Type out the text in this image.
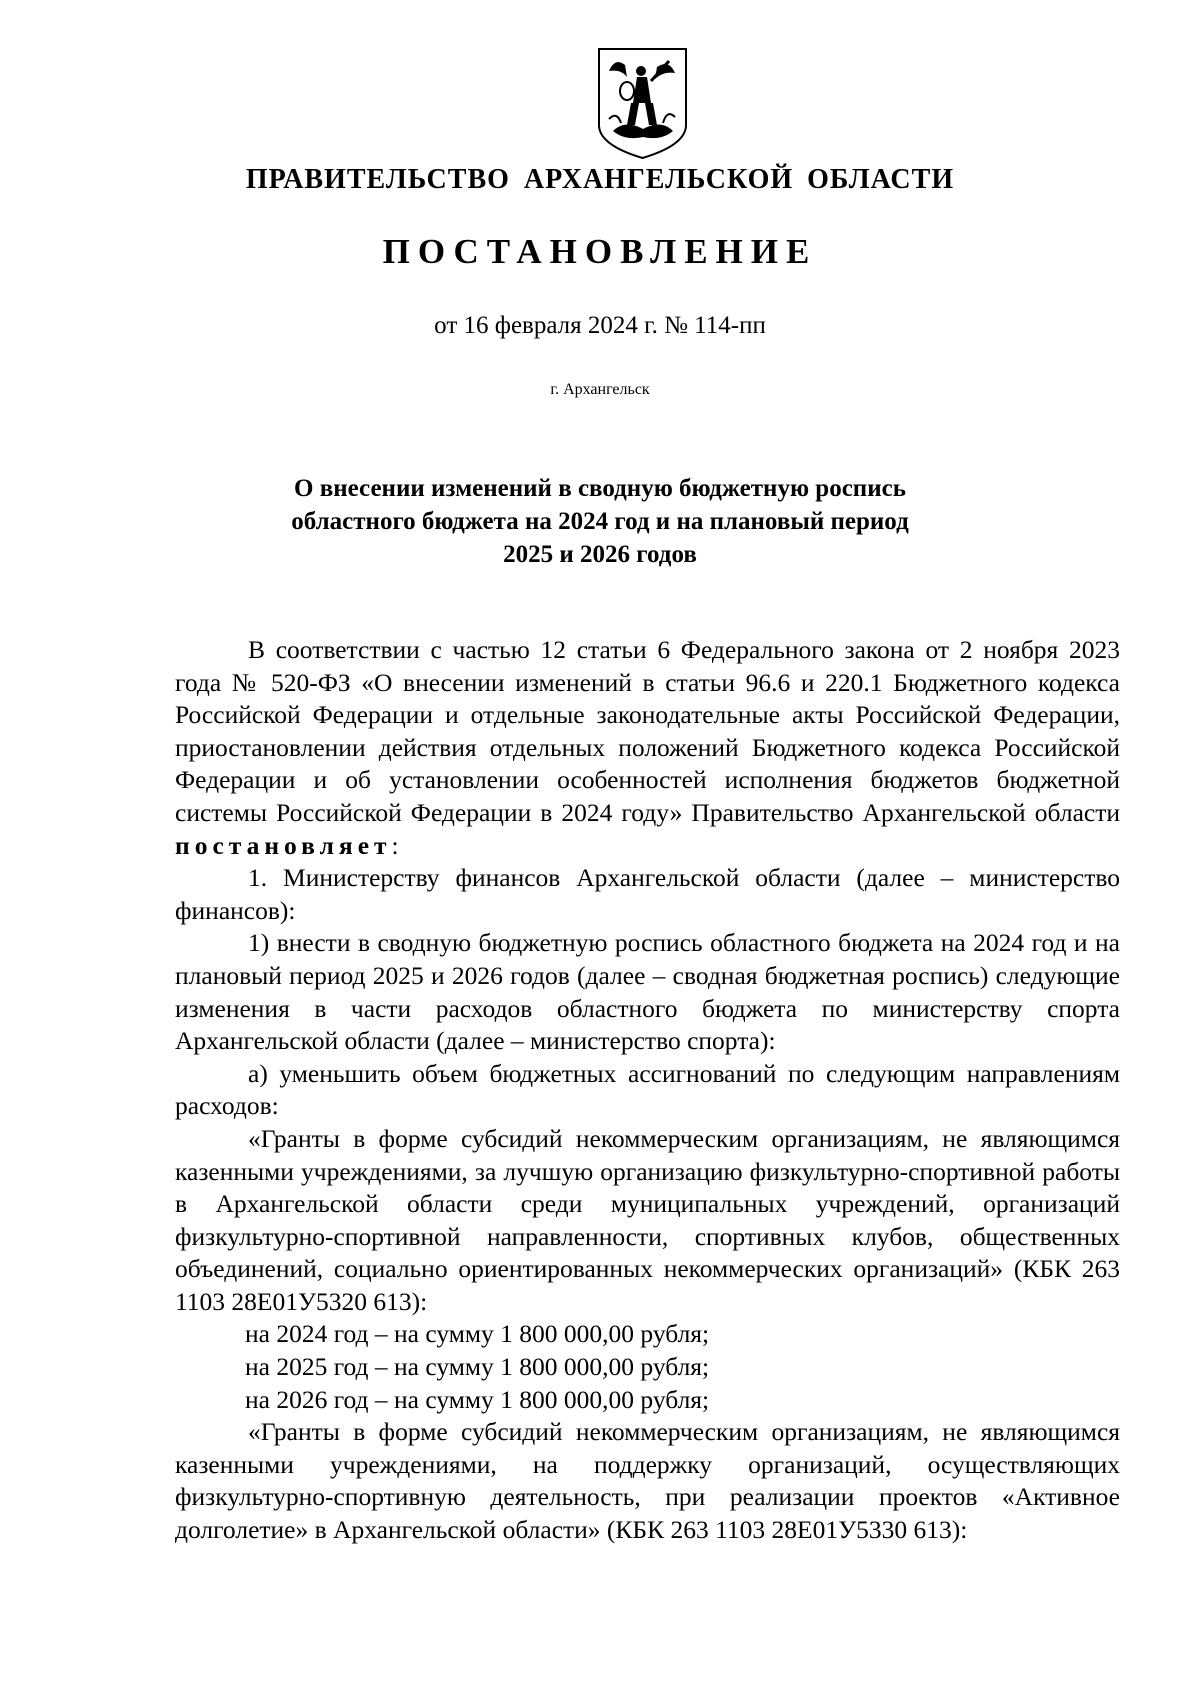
ПРАВИТЕЛЬСТВО АРХАНГЕЛЬСКОЙ ОБЛАСТИ
ПОСТАНОВЛЕНИЕ
от 16 февраля 2024 г. № 114-пп
г. Архангельск
О внесении изменений в сводную бюджетную роспись
областного бюджета на 2024 год и на плановый период
2025 и 2026 годов

В соответствии с частью 12 статьи 6 Федерального закона от 2 ноября 2023 года № 520-ФЗ «О внесении изменений в статьи 96.6 и 220.1 Бюджетного кодекса Российской Федерации и отдельные законодательные акты Российской Федерации, приостановлении действия отдельных положений Бюджетного кодекса Российской Федерации и об установлении особенностей исполнения бюджетов бюджетной системы Российской Федерации в 2024 году» Правительство Архангельской области постановляет:

1. Министерству финансов Архангельской области (далее – министерство финансов):

1) внести в сводную бюджетную роспись областного бюджета на 2024 год и на плановый период 2025 и 2026 годов (далее – сводная бюджетная роспись) следующие изменения в части расходов областного бюджета по министерству спорта Архангельской области (далее – министерство спорта):

а) уменьшить объем бюджетных ассигнований по следующим направлениям расходов:

«Гранты в форме субсидий некоммерческим организациям, не являющимся казенными учреждениями, за лучшую организацию физкультурно-спортивной работы в Архангельской области среди муниципальных учреждений, организаций физкультурно-спортивной направленности, спортивных клубов, общественных объединений, социально ориентированных некоммерческих организаций» (КБК 263 1103 28Е01У5320 613):

на 2024 год – на сумму 1 800 000,00 рубля;

на 2025 год – на сумму 1 800 000,00 рубля;

на 2026 год – на сумму 1 800 000,00 рубля;

«Гранты в форме субсидий некоммерческим организациям, не являющимся казенными учреждениями, на поддержку организаций, осуществляющих физкультурно-спортивную деятельность, при реализации проектов «Активное долголетие» в Архангельской области» (КБК 263 1103 28Е01У5330 613):
